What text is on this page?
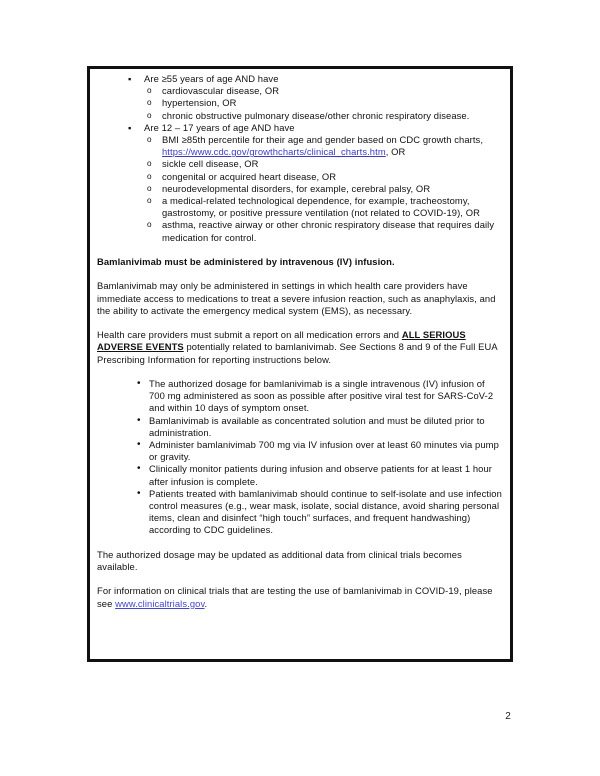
▪ Are ≥55 years of age AND have
o cardiovascular disease, OR
o hypertension, OR
o chronic obstructive pulmonary disease/other chronic respiratory disease.
▪ Are 12 – 17 years of age AND have
o BMI ≥85th percentile for their age and gender based on CDC growth charts, https://www.cdc.gov/growthcharts/clinical_charts.htm, OR
o sickle cell disease, OR
o congenital or acquired heart disease, OR
o neurodevelopmental disorders, for example, cerebral palsy, OR
o a medical-related technological dependence, for example, tracheostomy, gastrostomy, or positive pressure ventilation (not related to COVID-19), OR
o asthma, reactive airway or other chronic respiratory disease that requires daily medication for control.

Bamlanivimab must be administered by intravenous (IV) infusion.

Bamlanivimab may only be administered in settings in which health care providers have immediate access to medications to treat a severe infusion reaction, such as anaphylaxis, and the ability to activate the emergency medical system (EMS), as necessary.

Health care providers must submit a report on all medication errors and ALL SERIOUS ADVERSE EVENTS potentially related to bamlanivimab. See Sections 8 and 9 of the Full EUA Prescribing Information for reporting instructions below.

• The authorized dosage for bamlanivimab is a single intravenous (IV) infusion of 700 mg administered as soon as possible after positive viral test for SARS-CoV-2 and within 10 days of symptom onset.
• Bamlanivimab is available as concentrated solution and must be diluted prior to administration.
• Administer bamlanivimab 700 mg via IV infusion over at least 60 minutes via pump or gravity.
• Clinically monitor patients during infusion and observe patients for at least 1 hour after infusion is complete.
• Patients treated with bamlanivimab should continue to self-isolate and use infection control measures (e.g., wear mask, isolate, social distance, avoid sharing personal items, clean and disinfect “high touch” surfaces, and frequent handwashing) according to CDC guidelines.

The authorized dosage may be updated as additional data from clinical trials becomes available.

For information on clinical trials that are testing the use of bamlanivimab in COVID-19, please see www.clinicaltrials.gov.

2
